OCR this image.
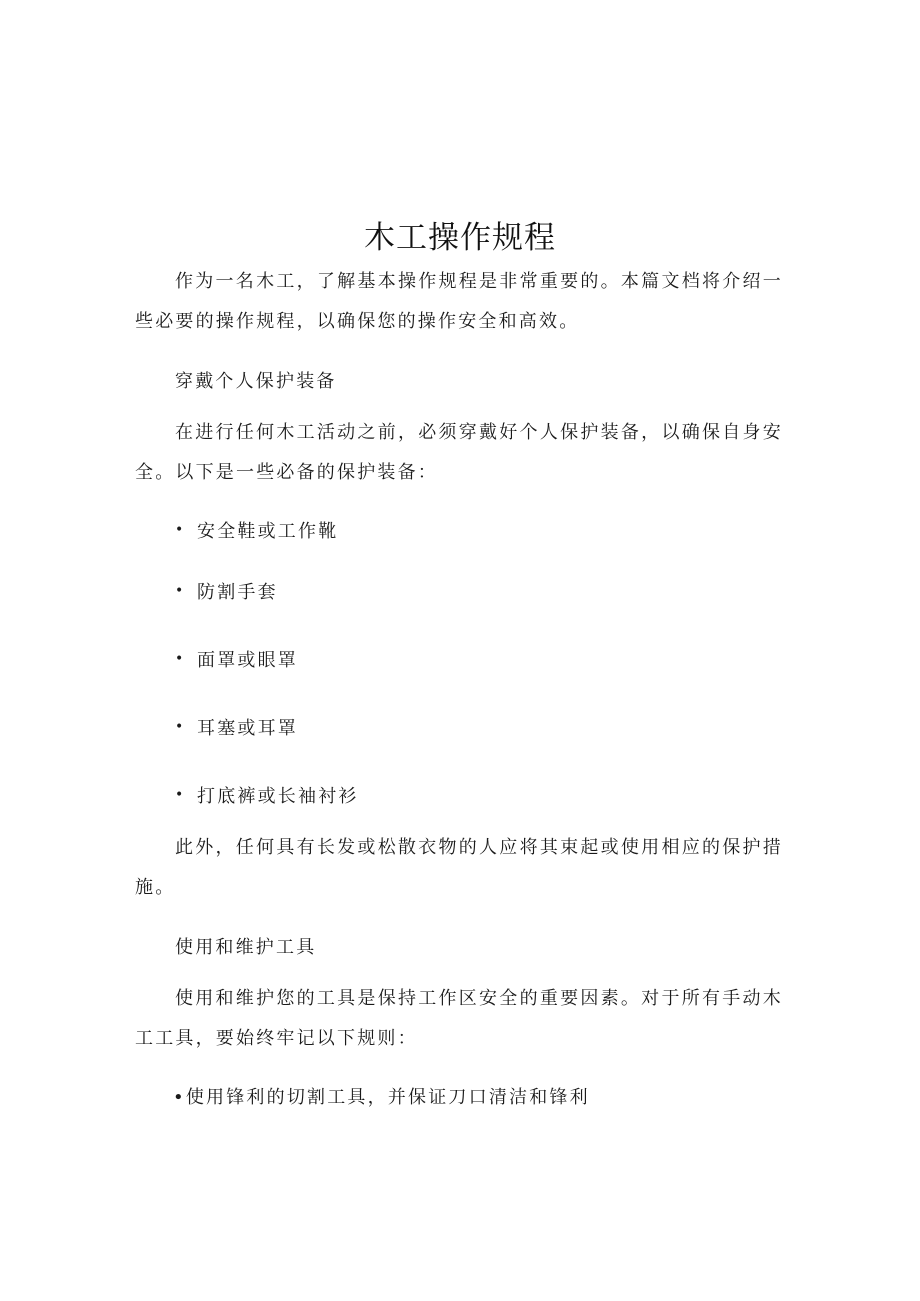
木工操作规程

作为一名木工，了解基本操作规程是非常重要的。本篇文档将介绍一些必要的操作规程，以确保您的操作安全和高效。

穿戴个人保护装备

在进行任何木工活动之前，必须穿戴好个人保护装备，以确保自身安全。以下是一些必备的保护装备：

• 安全鞋或工作靴
• 防割手套
• 面罩或眼罩
• 耳塞或耳罩
• 打底裤或长袖衬衫

此外，任何具有长发或松散衣物的人应将其束起或使用相应的保护措施。

使用和维护工具

使用和维护您的工具是保持工作区安全的重要因素。对于所有手动木工工具，要始终牢记以下规则：

•使用锋利的切割工具，并保证刀口清洁和锋利
